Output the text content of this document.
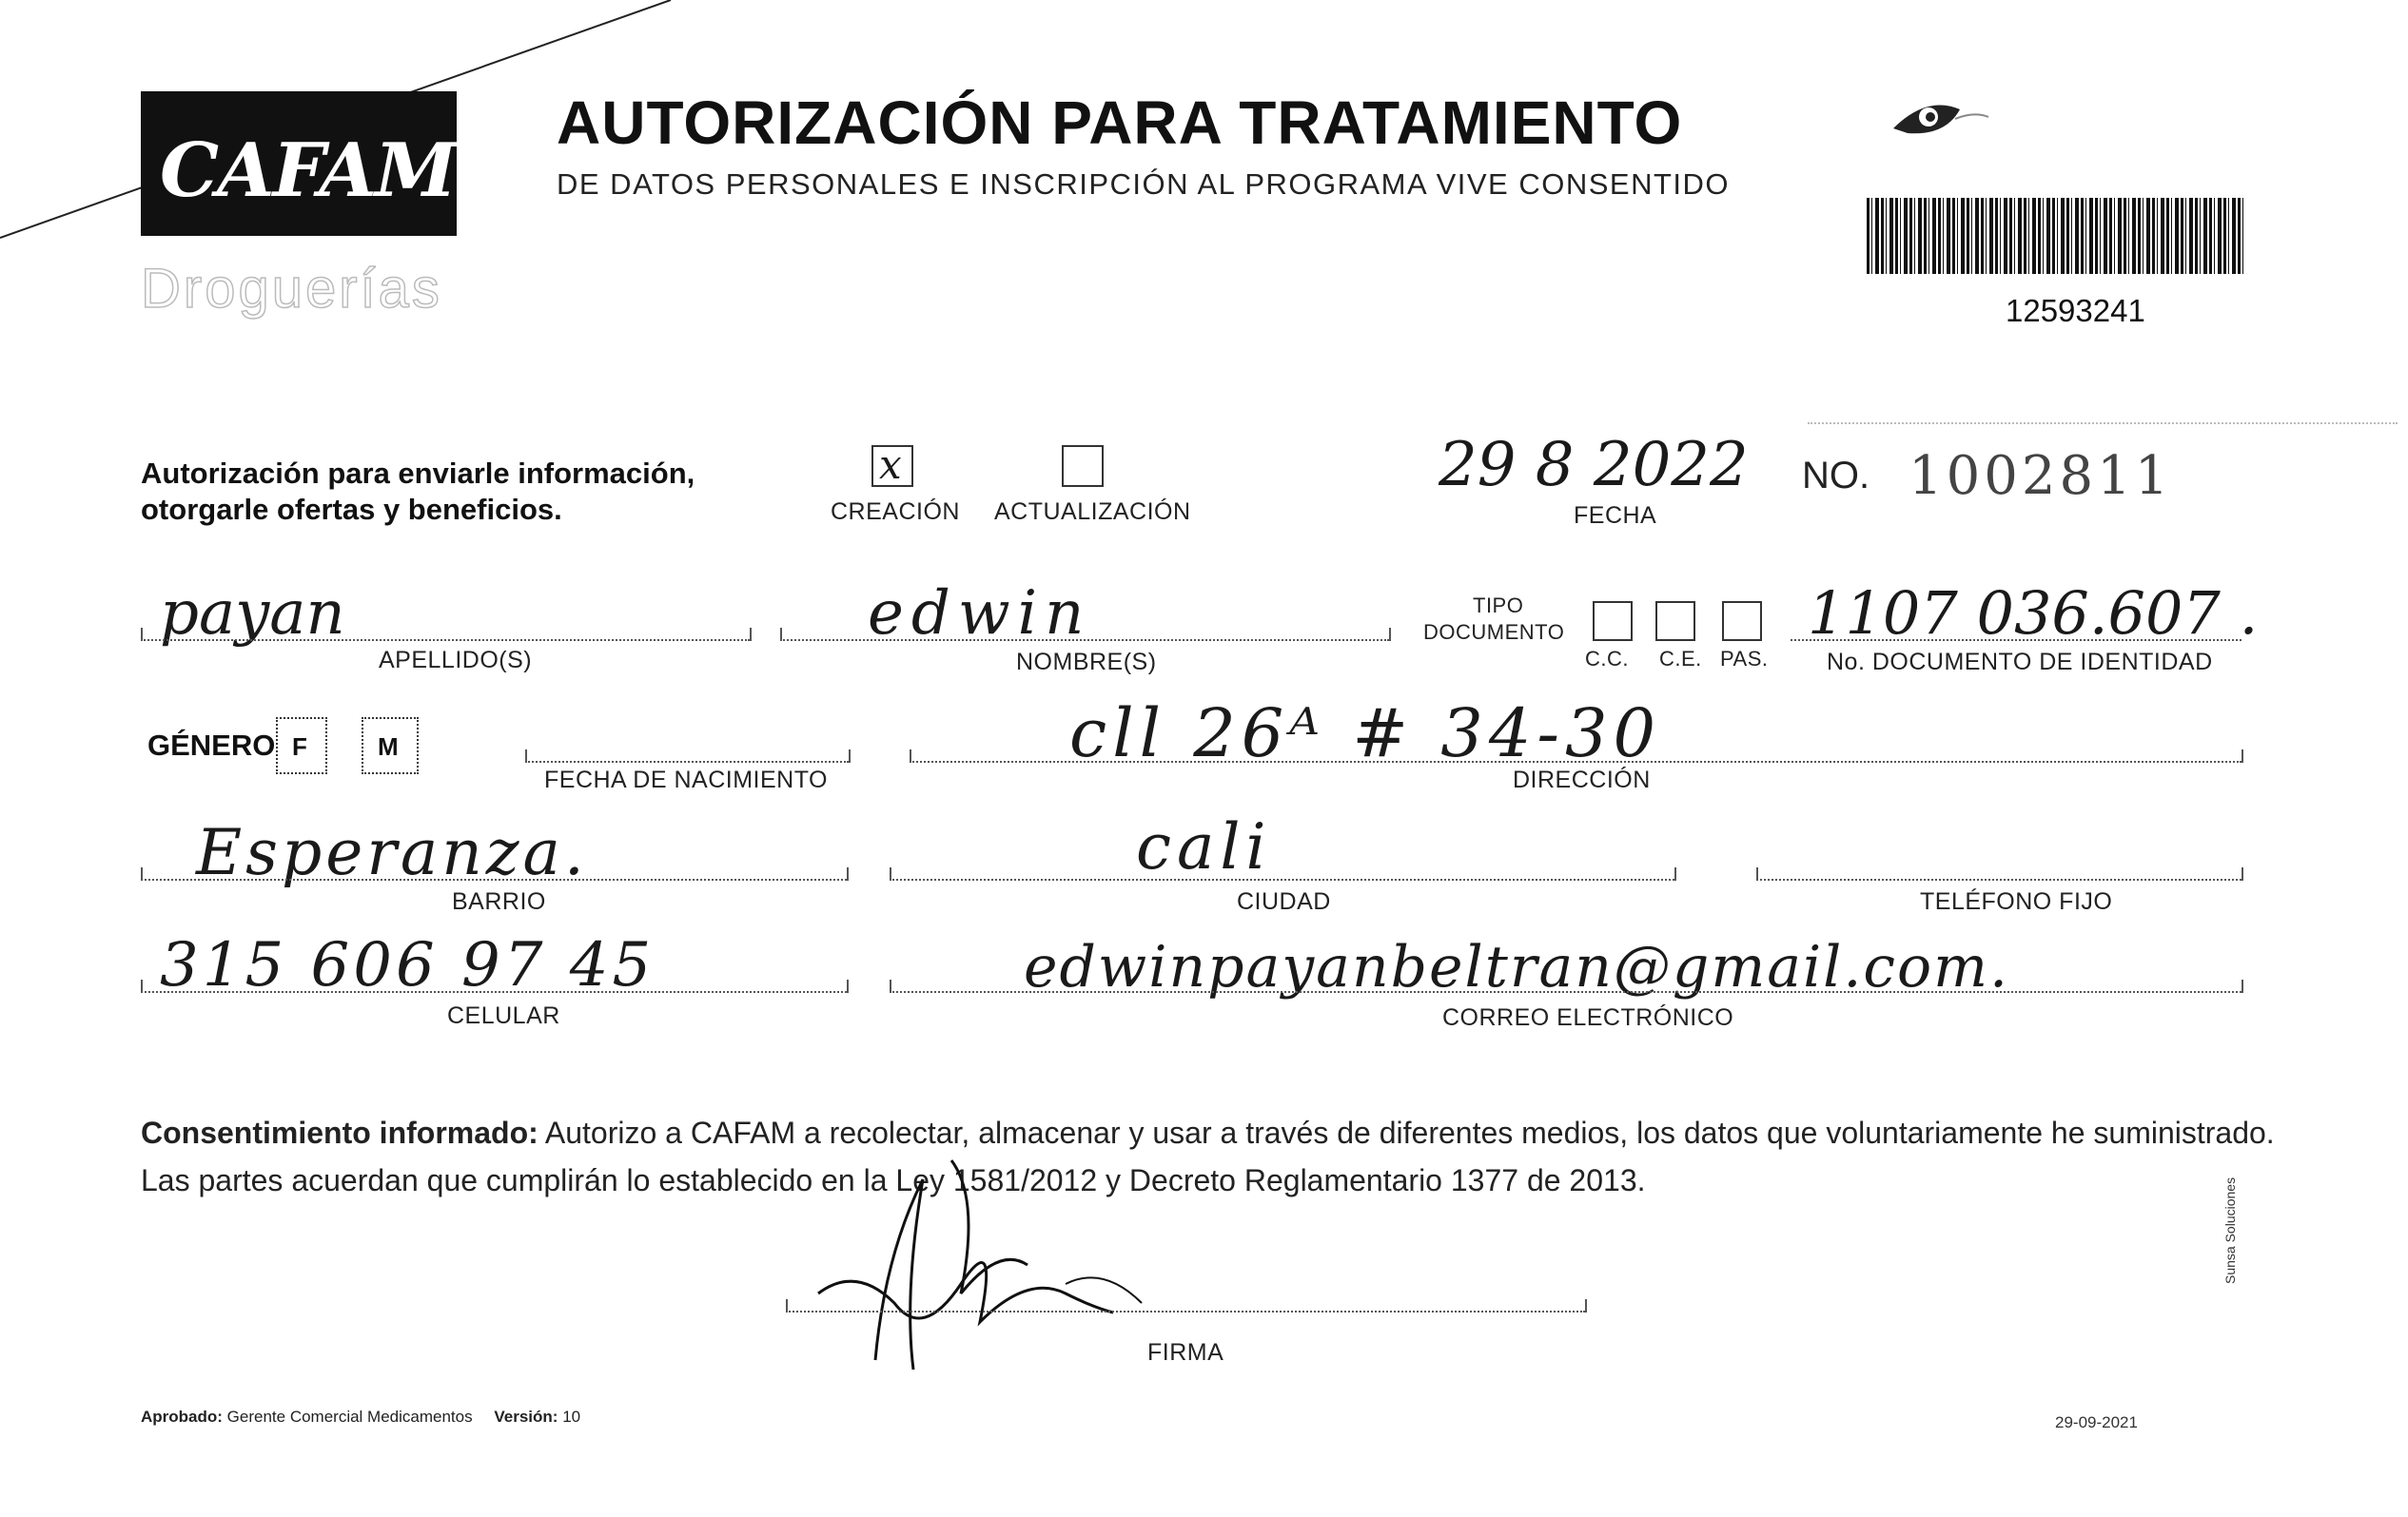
CAFAM
Droguerías
AUTORIZACIÓN PARA TRATAMIENTO
DE DATOS PERSONALES E INSCRIPCIÓN AL PROGRAMA VIVE CONSENTIDO
12593241
Autorización para enviarle información,
otorgarle ofertas y beneficios.
x
CREACIÓN ACTUALIZACIÓN
29 8 2022
FECHA
NO. 1002811
payan
APELLIDO(S)
edwin
NOMBRE(S)
TIPO
DOCUMENTO
C.C. C.E. PAS.
1107 036.607 .
No. DOCUMENTO DE IDENTIDAD
GÉNERO F	M
FECHA DE NACIMIENTO
cll 26ᴬ # 34-30
DIRECCIÓN
Esperanza.
BARRIO
cali
CIUDAD	TELÉFONO FIJO
315 606 97 45
CELULAR
edwinpayanbeltran@gmail.com.
CORREO ELECTRÓNICO
Consentimiento informado: Autorizo a CAFAM a recolectar, almacenar y usar a través de diferentes medios, los datos que voluntariamente he suministrado.
Las partes acuerdan que cumplirán lo establecido en la Ley 1581/2012 y Decreto Reglamentario 1377 de 2013.
FIRMA
Sunsa Soluciones
Aprobado: Gerente Comercial Medicamentos Versión: 10	29-09-2021
